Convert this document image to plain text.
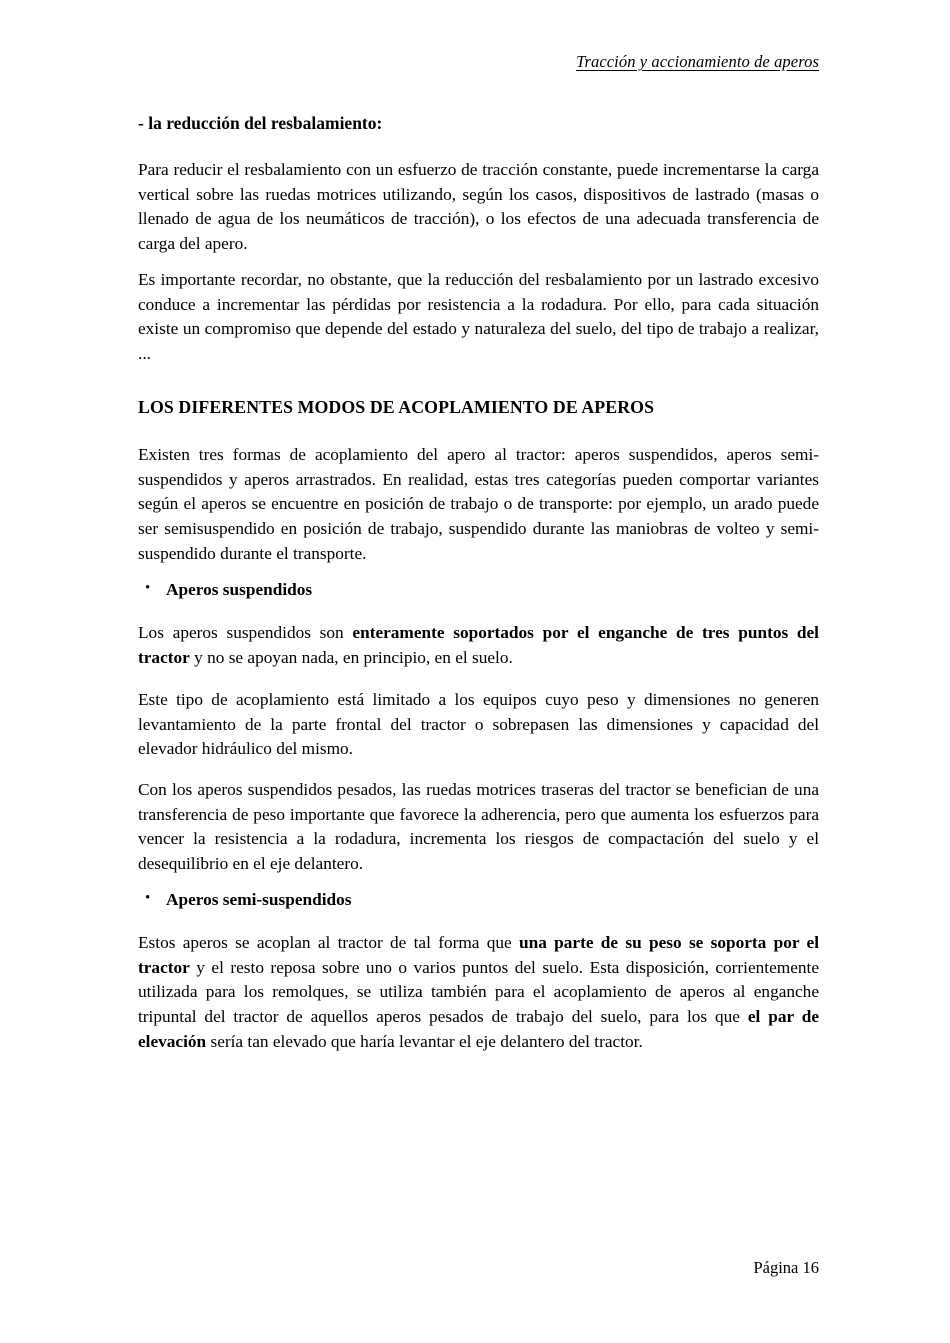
Tracción y accionamiento de aperos
- la reducción del resbalamiento:

Para reducir el resbalamiento con un esfuerzo de tracción constante, puede incrementarse la carga vertical sobre las ruedas motrices utilizando, según los casos, dispositivos de lastrado (masas o llenado de agua de los neumáticos de tracción), o los efectos de una adecuada transferencia de carga del apero.

Es importante recordar, no obstante, que la reducción del resbalamiento por un lastrado excesivo conduce a incrementar las pérdidas por resistencia a la rodadura. Por ello, para cada situación existe un compromiso que depende del estado y naturaleza del suelo, del tipo de trabajo a realizar, ...

LOS DIFERENTES MODOS DE ACOPLAMIENTO DE APEROS

Existen tres formas de acoplamiento del apero al tractor: aperos suspendidos, aperos semi-suspendidos y aperos arrastrados. En realidad, estas tres categorías pueden comportar variantes según el aperos se encuentre en posición de trabajo o de transporte: por ejemplo, un arado puede ser semisuspendido en posición de trabajo, suspendido durante las maniobras de volteo y semi-suspendido durante el transporte.

• Aperos suspendidos

Los aperos suspendidos son enteramente soportados por el enganche de tres puntos del tractor y no se apoyan nada, en principio, en el suelo.

Este tipo de acoplamiento está limitado a los equipos cuyo peso y dimensiones no generen levantamiento de la parte frontal del tractor o sobrepasen las dimensiones y capacidad del elevador hidráulico del mismo.

Con los aperos suspendidos pesados, las ruedas motrices traseras del tractor se benefician de una transferencia de peso importante que favorece la adherencia, pero que aumenta los esfuerzos para vencer la resistencia a la rodadura, incrementa los riesgos de compactación del suelo y el desequilibrio en el eje delantero.

• Aperos semi-suspendidos

Estos aperos se acoplan al tractor de tal forma que una parte de su peso se soporta por el tractor y el resto reposa sobre uno o varios puntos del suelo. Esta disposición, corrientemente utilizada para los remolques, se utiliza también para el acoplamiento de aperos al enganche tripuntal del tractor de aquellos aperos pesados de trabajo del suelo, para los que el par de elevación sería tan elevado que haría levantar el eje delantero del tractor.

Página 16
